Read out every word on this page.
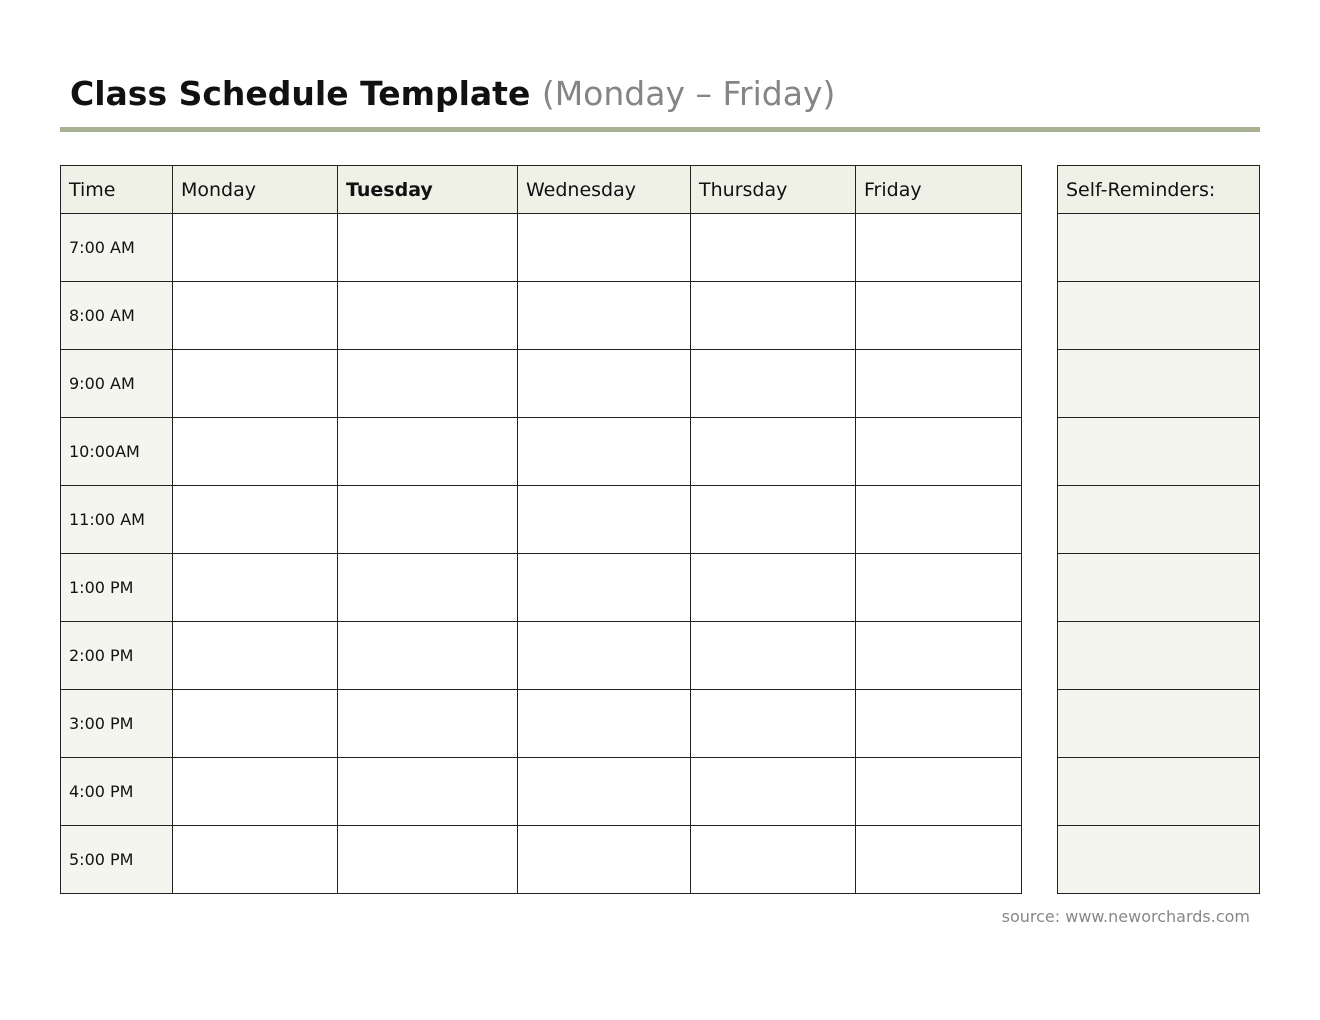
Class Schedule Template (Monday – Friday)
Time	Monday	Tuesday	Wednesday	Thursday	Friday
7:00 AM					
8:00 AM					
9:00 AM					
10:00AM					
11:00 AM					
1:00 PM					
2:00 PM					
3:00 PM					
4:00 PM					
5:00 PM					
Self-Reminders:

source: www.neworchards.com
